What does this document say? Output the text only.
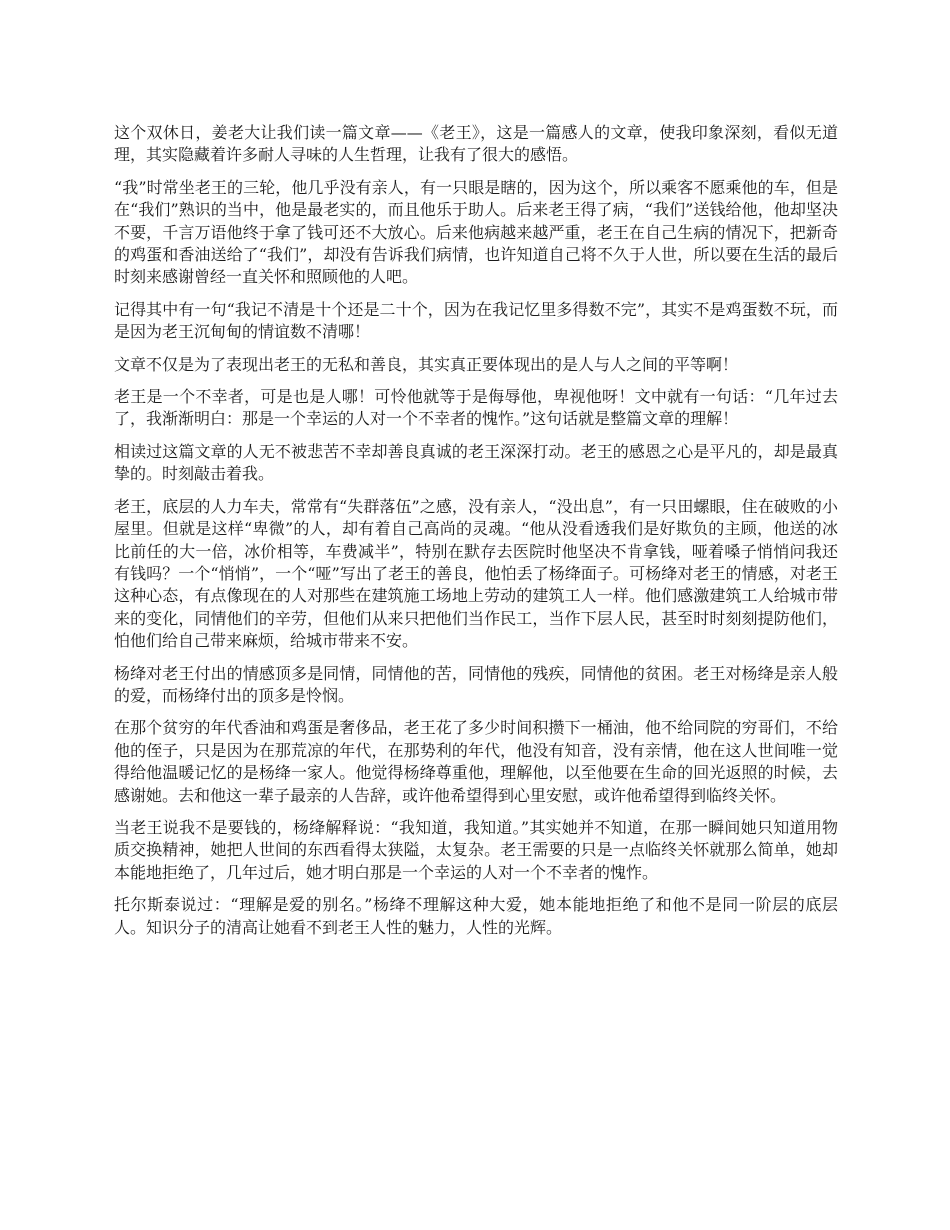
这个双休日，姜老大让我们读一篇文章——《老王》，这是一篇感人的文章，使我印象深刻，看似无道理，其实隐藏着许多耐人寻味的人生哲理，让我有了很大的感悟。

“我”时常坐老王的三轮，他几乎没有亲人，有一只眼是瞎的，因为这个，所以乘客不愿乘他的车，但是在“我们”熟识的当中，他是最老实的，而且他乐于助人。后来老王得了病，“我们”送钱给他，他却坚决不要，千言万语他终于拿了钱可还不大放心。后来他病越来越严重，老王在自己生病的情况下，把新奇的鸡蛋和香油送给了“我们”，却没有告诉我们病情，也许知道自己将不久于人世，所以要在生活的最后时刻来感谢曾经一直关怀和照顾他的人吧。

记得其中有一句“我记不清是十个还是二十个，因为在我记忆里多得数不完”，其实不是鸡蛋数不玩，而是因为老王沉甸甸的情谊数不清哪！

文章不仅是为了表现出老王的无私和善良，其实真正要体现出的是人与人之间的平等啊！

老王是一个不幸者，可是也是人哪！可怜他就等于是侮辱他，卑视他呀！文中就有一句话：“几年过去了，我渐渐明白：那是一个幸运的人对一个不幸者的愧怍。”这句话就是整篇文章的理解！

相读过这篇文章的人无不被悲苦不幸却善良真诚的老王深深打动。老王的感恩之心是平凡的，却是最真挚的。时刻敲击着我。

老王，底层的人力车夫，常常有“失群落伍”之感，没有亲人，“没出息”，有一只田螺眼，住在破败的小屋里。但就是这样“卑微”的人，却有着自己高尚的灵魂。“他从没看透我们是好欺负的主顾，他送的冰比前任的大一倍，冰价相等，车费减半”，特别在默存去医院时他坚决不肯拿钱，哑着嗓子悄悄问我还有钱吗？一个“悄悄”，一个“哑”写出了老王的善良，他怕丢了杨绛面子。可杨绛对老王的情感，对老王这种心态，有点像现在的人对那些在建筑施工场地上劳动的建筑工人一样。他们感激建筑工人给城市带来的变化，同情他们的辛劳，但他们从来只把他们当作民工，当作下层人民，甚至时时刻刻提防他们，怕他们给自己带来麻烦，给城市带来不安。

杨绛对老王付出的情感顶多是同情，同情他的苦，同情他的残疾，同情他的贫困。老王对杨绛是亲人般的爱，而杨绛付出的顶多是怜悯。

在那个贫穷的年代香油和鸡蛋是奢侈品，老王花了多少时间积攒下一桶油，他不给同院的穷哥们，不给他的侄子，只是因为在那荒凉的年代，在那势利的年代，他没有知音，没有亲情，他在这人世间唯一觉得给他温暖记忆的是杨绛一家人。他觉得杨绛尊重他，理解他，以至他要在生命的回光返照的时候，去感谢她。去和他这一辈子最亲的人告辞，或许他希望得到心里安慰，或许他希望得到临终关怀。

当老王说我不是要钱的，杨绛解释说：“我知道，我知道。”其实她并不知道，在那一瞬间她只知道用物质交换精神，她把人世间的东西看得太狭隘，太复杂。老王需要的只是一点临终关怀就那么简单，她却本能地拒绝了，几年过后，她才明白那是一个幸运的人对一个不幸者的愧怍。

托尔斯泰说过：“理解是爱的别名。”杨绛不理解这种大爱，她本能地拒绝了和他不是同一阶层的底层人。知识分子的清高让她看不到老王人性的魅力，人性的光辉。
